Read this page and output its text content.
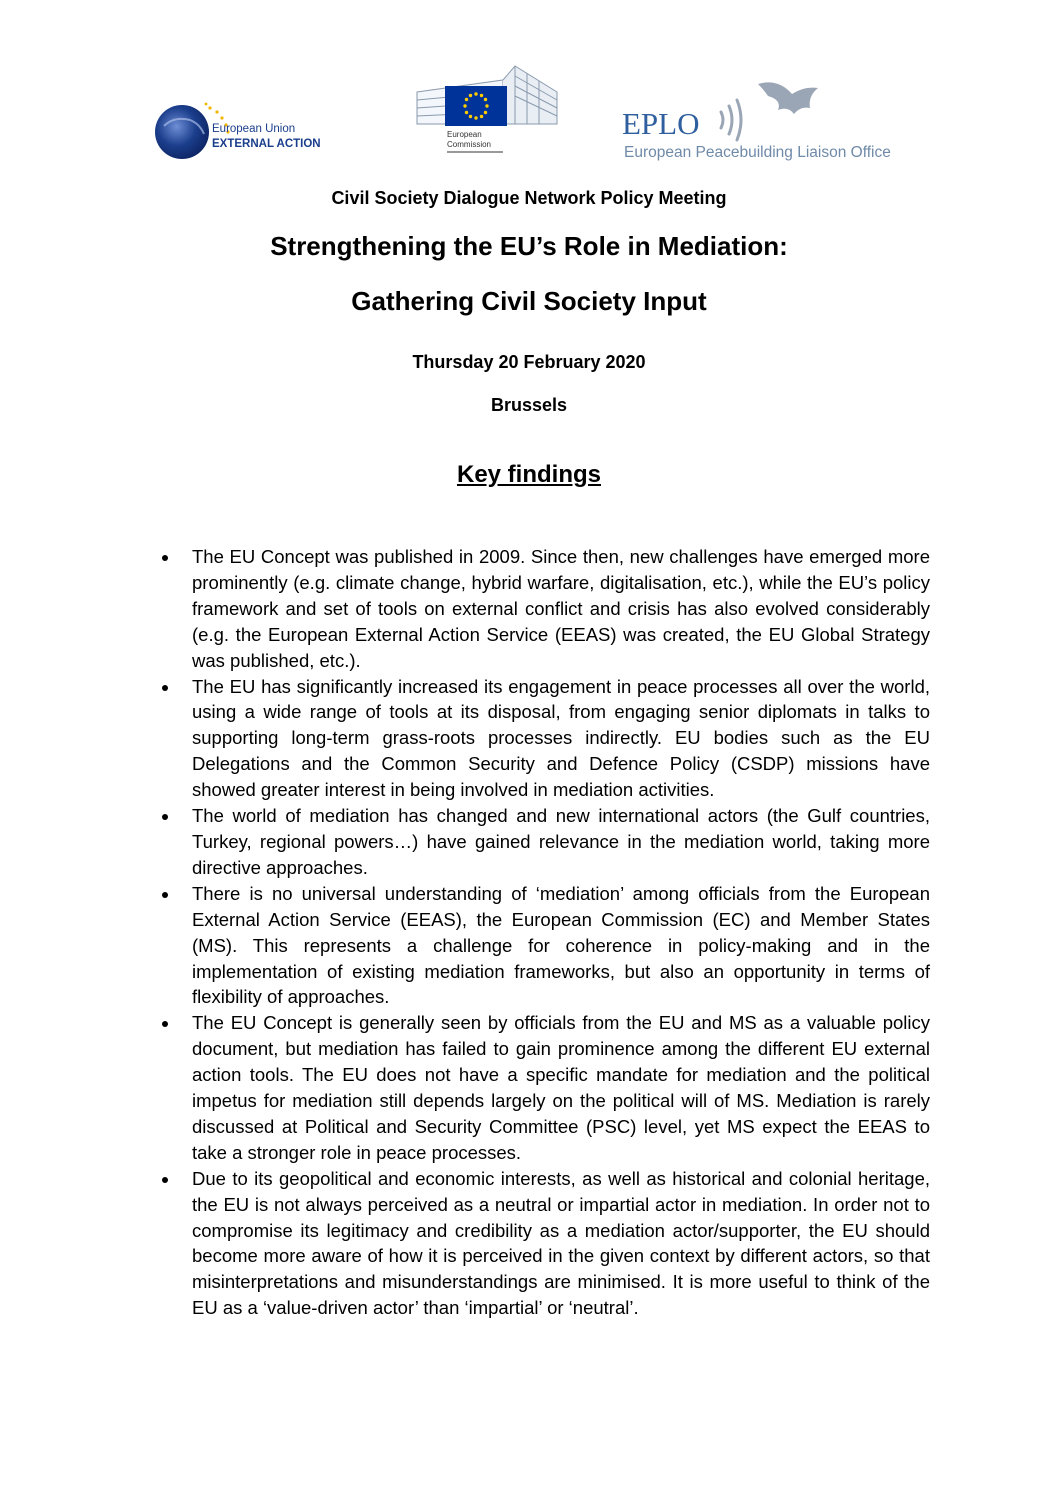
European Union
EXTERNAL ACTION
European
Commission
EPLO
European Peacebuilding Liaison Office
Civil Society Dialogue Network Policy Meeting
Strengthening the EU’s Role in Mediation:
Gathering Civil Society Input
Thursday 20 February 2020
Brussels
Key findings
The EU Concept was published in 2009. Since then, new challenges have emerged more prominently (e.g. climate change, hybrid warfare, digitalisation, etc.), while the EU’s policy framework and set of tools on external conflict and crisis has also evolved considerably (e.g. the European External Action Service (EEAS) was created, the EU Global Strategy was published, etc.).
The EU has significantly increased its engagement in peace processes all over the world, using a wide range of tools at its disposal, from engaging senior diplomats in talks to supporting long-term grass-roots processes indirectly. EU bodies such as the EU Delegations and the Common Security and Defence Policy (CSDP) missions have showed greater interest in being involved in mediation activities.
The world of mediation has changed and new international actors (the Gulf countries, Turkey, regional powers…) have gained relevance in the mediation world, taking more directive approaches.
There is no universal understanding of ‘mediation’ among officials from the European External Action Service (EEAS), the European Commission (EC) and Member States (MS). This represents a challenge for coherence in policy-making and in the implementation of existing mediation frameworks, but also an opportunity in terms of flexibility of approaches.
The EU Concept is generally seen by officials from the EU and MS as a valuable policy document, but mediation has failed to gain prominence among the different EU external action tools. The EU does not have a specific mandate for mediation and the political impetus for mediation still depends largely on the political will of MS. Mediation is rarely discussed at Political and Security Committee (PSC) level, yet MS expect the EEAS to take a stronger role in peace processes.
Due to its geopolitical and economic interests, as well as historical and colonial heritage, the EU is not always perceived as a neutral or impartial actor in mediation. In order not to compromise its legitimacy and credibility as a mediation actor/supporter, the EU should become more aware of how it is perceived in the given context by different actors, so that misinterpretations and misunderstandings are minimised. It is more useful to think of the EU as a ‘value-driven actor’ than ‘impartial’ or ‘neutral’.
